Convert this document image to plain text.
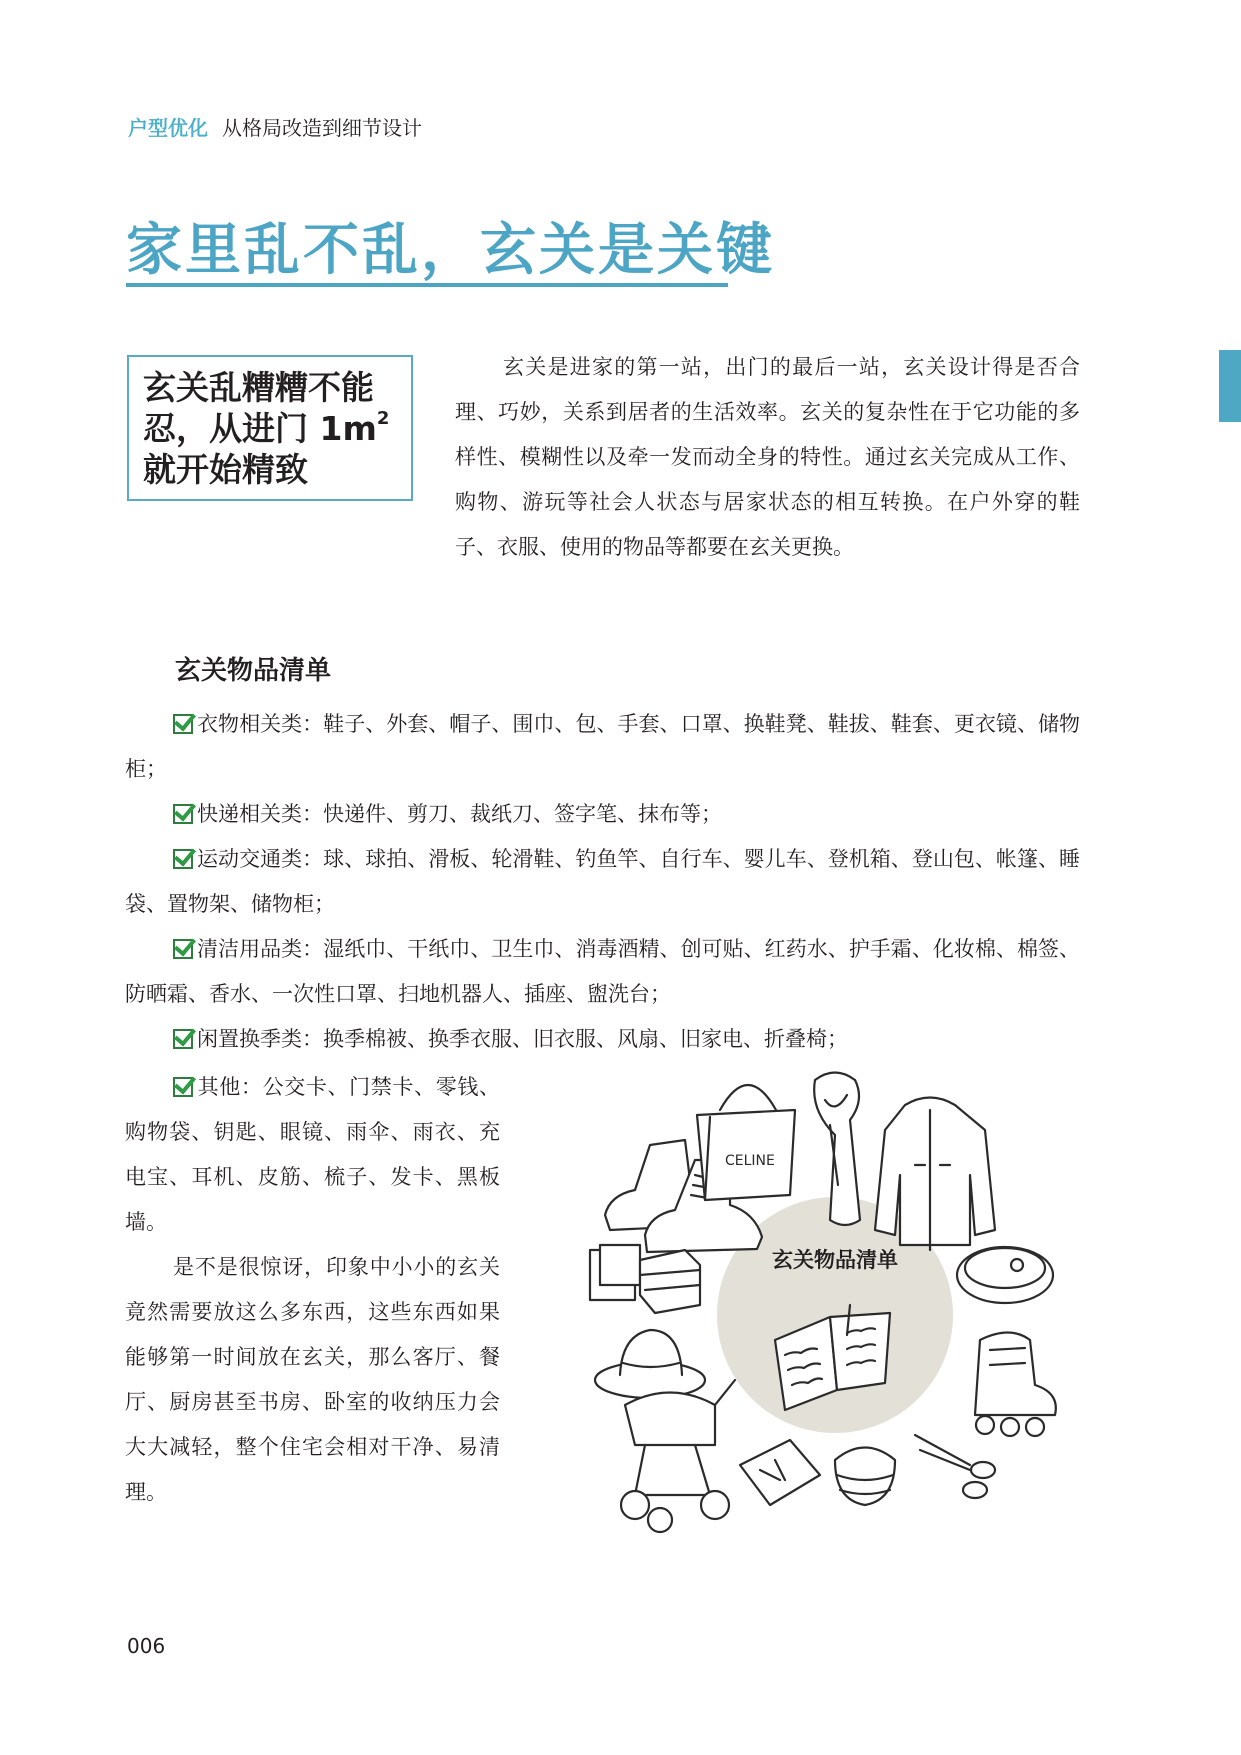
户型优化 从格局改造到细节设计
家里乱不乱，玄关是关键
玄关乱糟糟不能忍，从进门 $1m^2$
就开始精致
玄关是进家的第一站，出门的最后一站，玄关设计得是否合理、巧妙，关系到居者的生活效率。玄关的复杂性在于它功能的多样性、模糊性以及牵一发而动全身的特性。通过玄关完成从工作、购物、游玩等社会人状态与居家状态的相互转换。在户外穿的鞋子、衣服、使用的物品等都要在玄关更换。
玄关物品清单
衣物相关类：鞋子、外套、帽子、围巾、包、手套、口罩、换鞋凳、鞋拔、鞋套、更衣镜、储物柜；
快递相关类：快递件、剪刀、裁纸刀、签字笔、抹布等；
运动交通类：球、球拍、滑板、轮滑鞋、钓鱼竿、自行车、婴儿车、登机箱、登山包、帐篷、睡袋、置物架、储物柜；
清洁用品类：湿纸巾、干纸巾、卫生巾、消毒酒精、创可贴、红药水、护手霜、化妆棉、棉签、防晒霜、香水、一次性口罩、扫地机器人、插座、盥洗台；
闲置换季类：换季棉被、换季衣服、旧衣服、风扇、旧家电、折叠椅；
其他：公交卡、门禁卡、零钱、购物袋、钥匙、眼镜、雨伞、雨衣、充电宝、耳机、皮筋、梳子、发卡、黑板墙。
是不是很惊讶，印象中小小的玄关竟然需要放这么多东西，这些东西如果能够第一时间放在玄关，那么客厅、餐厅、厨房甚至书房、卧室的收纳压力会大大减轻，整个住宅会相对干净、易清理。
CELINE
玄关物品清单
006
